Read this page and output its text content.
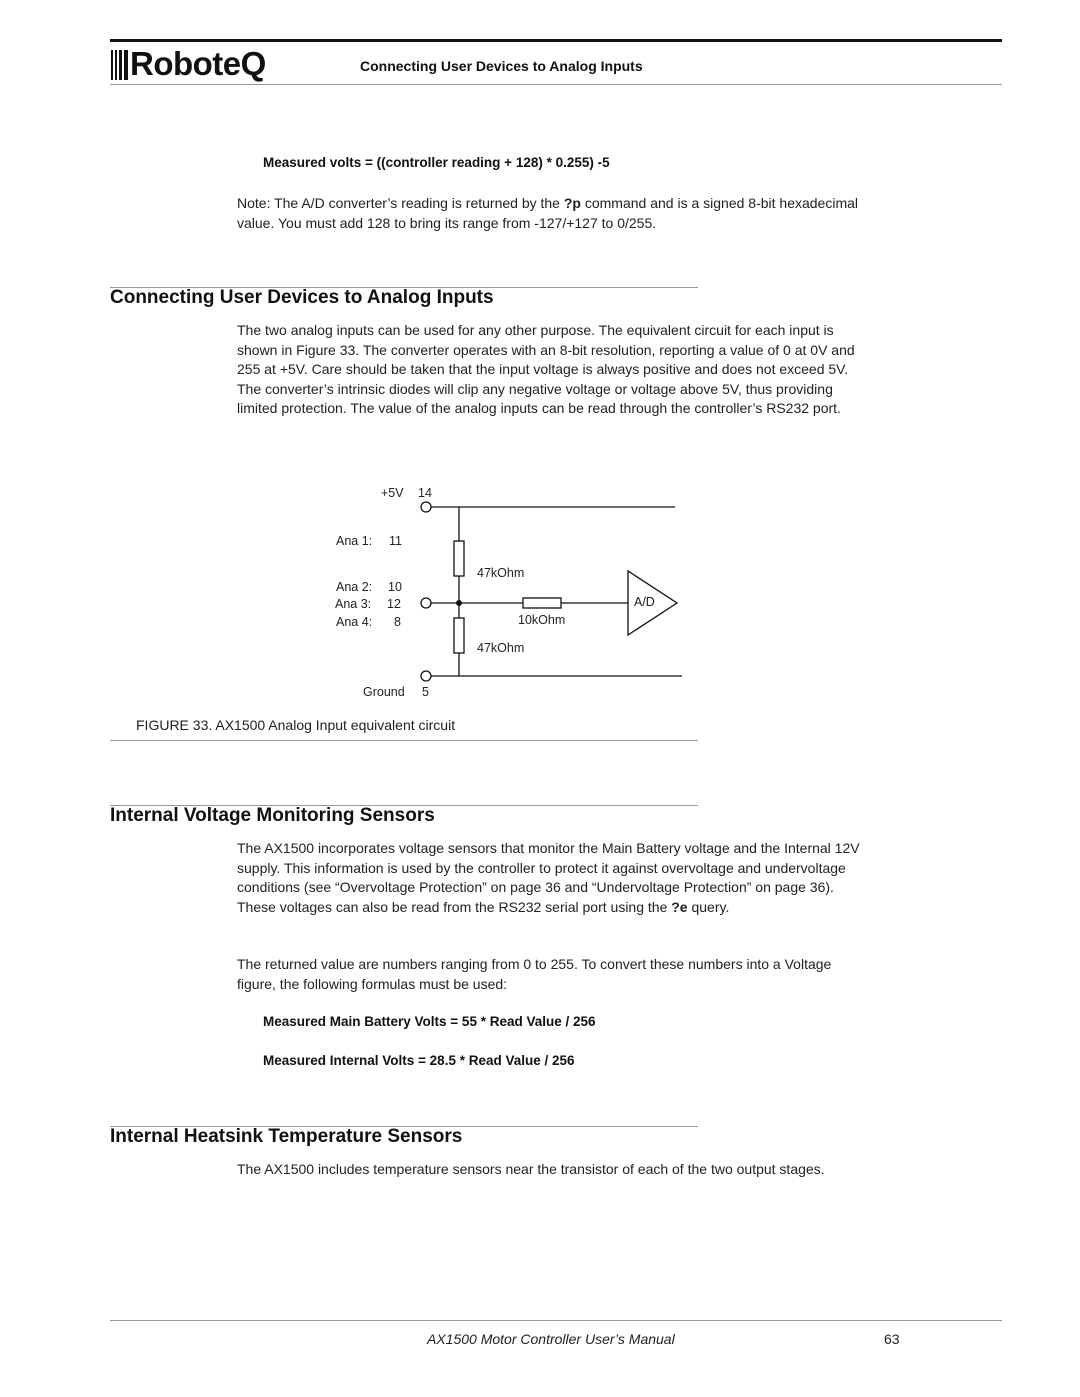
RoboteQ	Connecting User Devices to Analog Inputs
Measured volts = ((controller reading + 128) * 0.255) -5

Note: The A/D converter’s reading is returned by the ?p command and is a signed 8-bit hexadecimal value. You must add 128 to bring its range from -127/+127 to 0/255.

Connecting User Devices to Analog Inputs

The two analog inputs can be used for any other purpose. The equivalent circuit for each input is shown in Figure 33. The converter operates with an 8-bit resolution, reporting a value of 0 at 0V and 255 at +5V. Care should be taken that the input voltage is always positive and does not exceed 5V. The converter’s intrinsic diodes will clip any negative voltage or voltage above 5V, thus providing limited protection. The value of the analog inputs can be read through the controller’s RS232 port.

+5V 14
47kOhm
47kOhm
Ana 1: 11
Ana 2: 10
Ana 3: 12
Ana 4: 8	10kOhm
A/D
Ground 5
FIGURE 33. AX1500 Analog Input equivalent circuit
Internal Voltage Monitoring Sensors

The AX1500 incorporates voltage sensors that monitor the Main Battery voltage and the Internal 12V supply. This information is used by the controller to protect it against overvoltage and undervoltage conditions (see “Overvoltage Protection” on page 36 and “Undervoltage Protection” on page 36). These voltages can also be read from the RS232 serial port using the ?e query.

The returned value are numbers ranging from 0 to 255. To convert these numbers into a Voltage figure, the following formulas must be used:

Measured Main Battery Volts = 55 * Read Value / 256
Measured Internal Volts = 28.5 * Read Value / 256
Internal Heatsink Temperature Sensors

The AX1500 includes temperature sensors near the transistor of each of the two output stages.

AX1500 Motor Controller User’s Manual	63
